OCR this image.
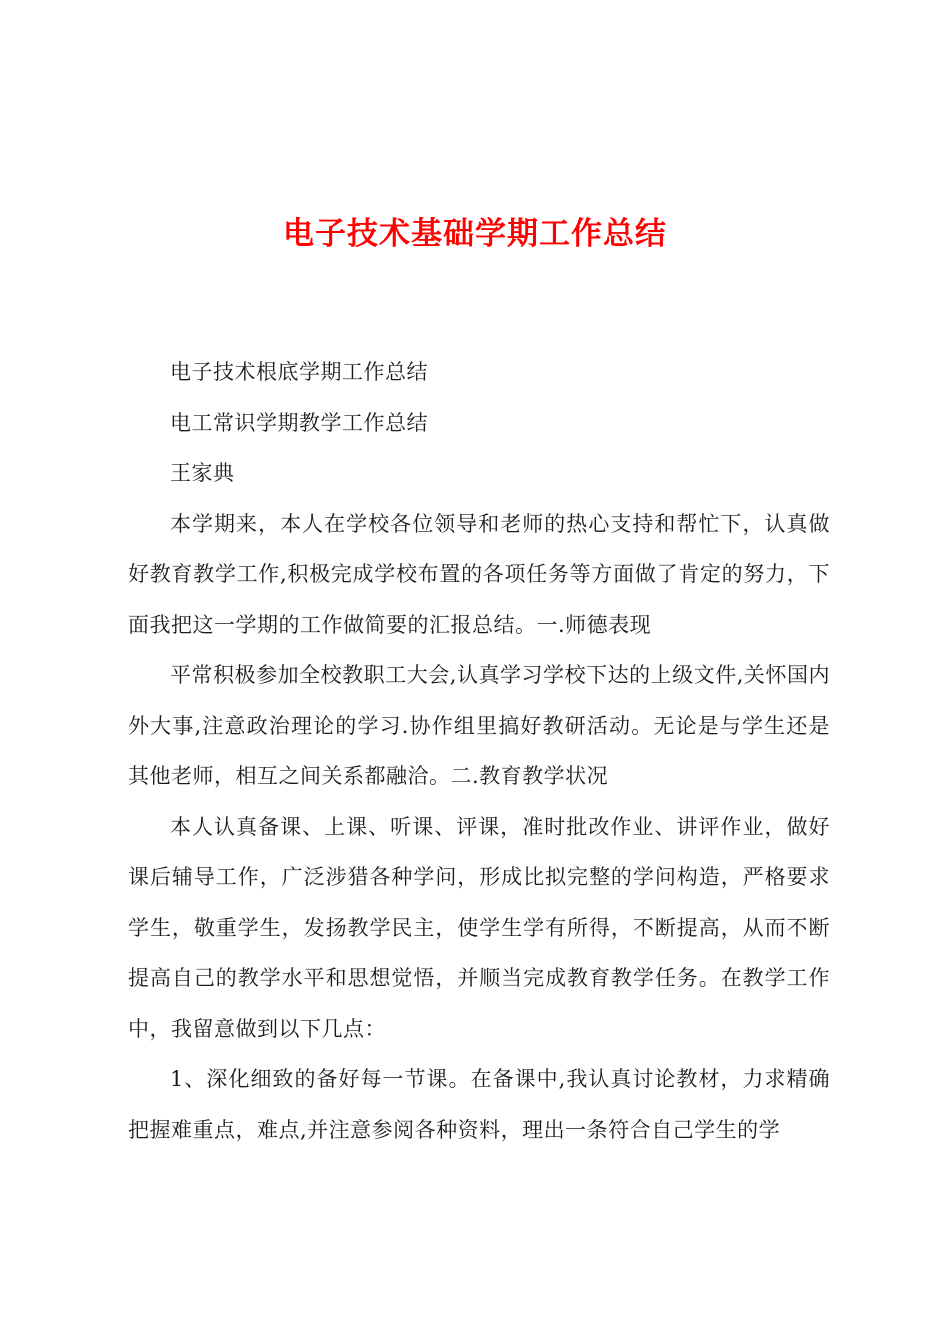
电子技术基础学期工作总结

电子技术根底学期工作总结

电工常识学期教学工作总结

王家典

本学期来，本人在学校各位领导和老师的热心支持和帮忙下，认真做好教育教学工作,积极完成学校布置的各项任务等方面做了肯定的努力，下面我把这一学期的工作做简要的汇报总结。一.师德表现

平常积极参加全校教职工大会,认真学习学校下达的上级文件,关怀国内外大事,注意政治理论的学习.协作组里搞好教研活动。无论是与学生还是其他老师，相互之间关系都融洽。二.教育教学状况

本人认真备课、上课、听课、评课，准时批改作业、讲评作业，做好课后辅导工作，广泛涉猎各种学问，形成比拟完整的学问构造，严格要求学生，敬重学生，发扬教学民主，使学生学有所得，不断提高，从而不断提高自己的教学水平和思想觉悟，并顺当完成教育教学任务。在教学工作中，我留意做到以下几点：

1、深化细致的备好每一节课。在备课中,我认真讨论教材，力求精确把握难重点，难点,并注意参阅各种资料，理出一条符合自己学生的学
